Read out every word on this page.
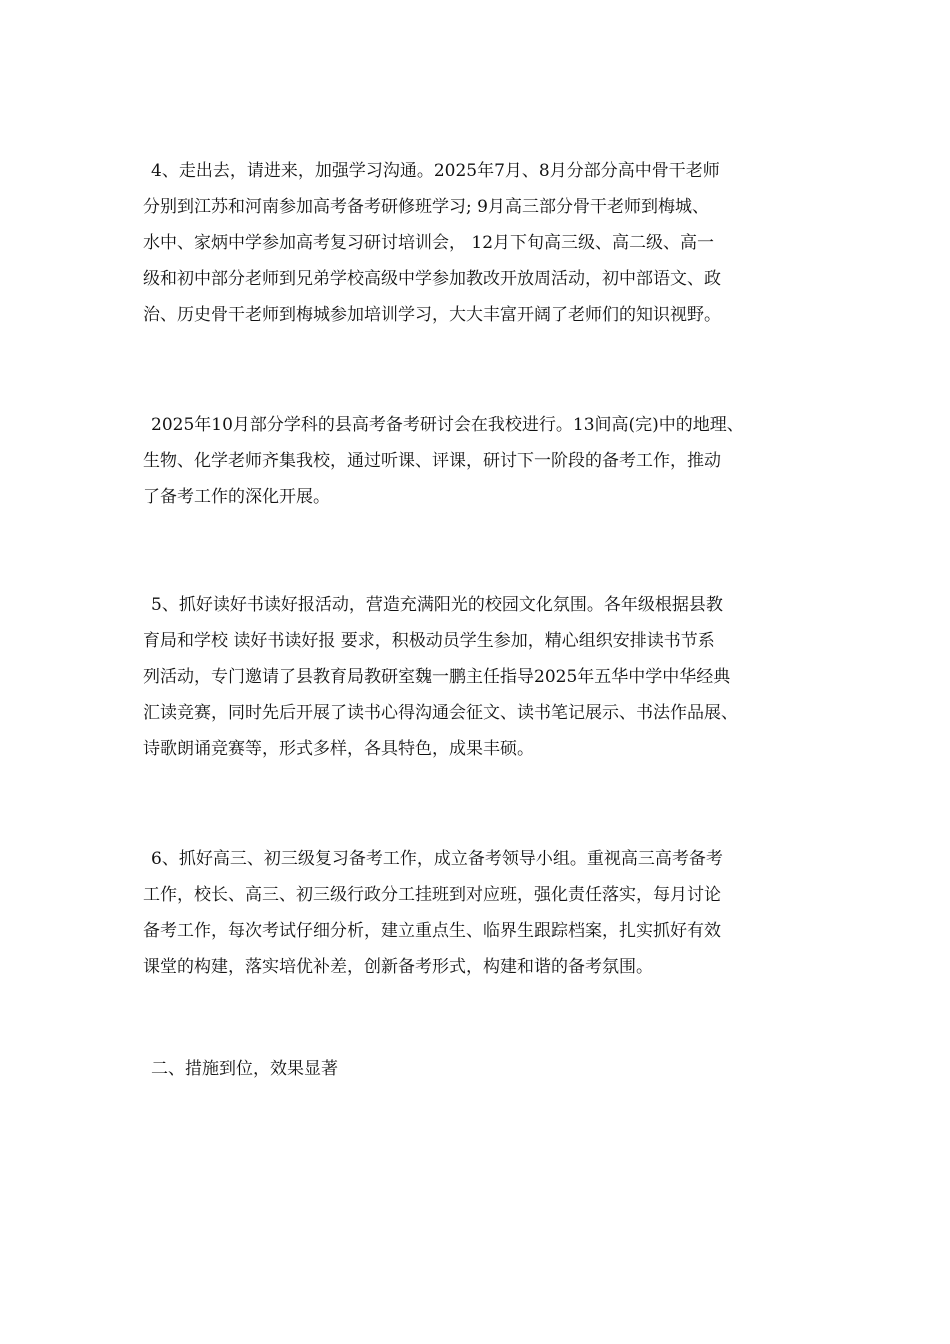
4、走出去，请进来，加强学习沟通。2025年7月、8月分部分高中骨干老师
分别到江苏和河南参加高考备考研修班学习; 9月高三部分骨干老师到梅城、
水中、家炳中学参加高考复习研讨培训会， 12月下旬高三级、高二级、高一
级和初中部分老师到兄弟学校高级中学参加教改开放周活动，初中部语文、政
治、历史骨干老师到梅城参加培训学习，大大丰富开阔了老师们的知识视野。
2025年10月部分学科的县高考备考研讨会在我校进行。13间高(完)中的地理、
生物、化学老师齐集我校，通过听课、评课，研讨下一阶段的备考工作，推动
了备考工作的深化开展。
5、抓好读好书读好报活动，营造充满阳光的校园文化氛围。各年级根据县教
育局和学校 读好书读好报 要求，积极动员学生参加，精心组织安排读书节系
列活动，专门邀请了县教育局教研室魏一鹏主任指导2025年五华中学中华经典
汇读竞赛，同时先后开展了读书心得沟通会征文、读书笔记展示、书法作品展、
诗歌朗诵竞赛等，形式多样，各具特色，成果丰硕。
6、抓好高三、初三级复习备考工作，成立备考领导小组。重视高三高考备考
工作，校长、高三、初三级行政分工挂班到对应班，强化责任落实，每月讨论
备考工作，每次考试仔细分析，建立重点生、临界生跟踪档案，扎实抓好有效
课堂的构建，落实培优补差，创新备考形式，构建和谐的备考氛围。
二、措施到位，效果显著
